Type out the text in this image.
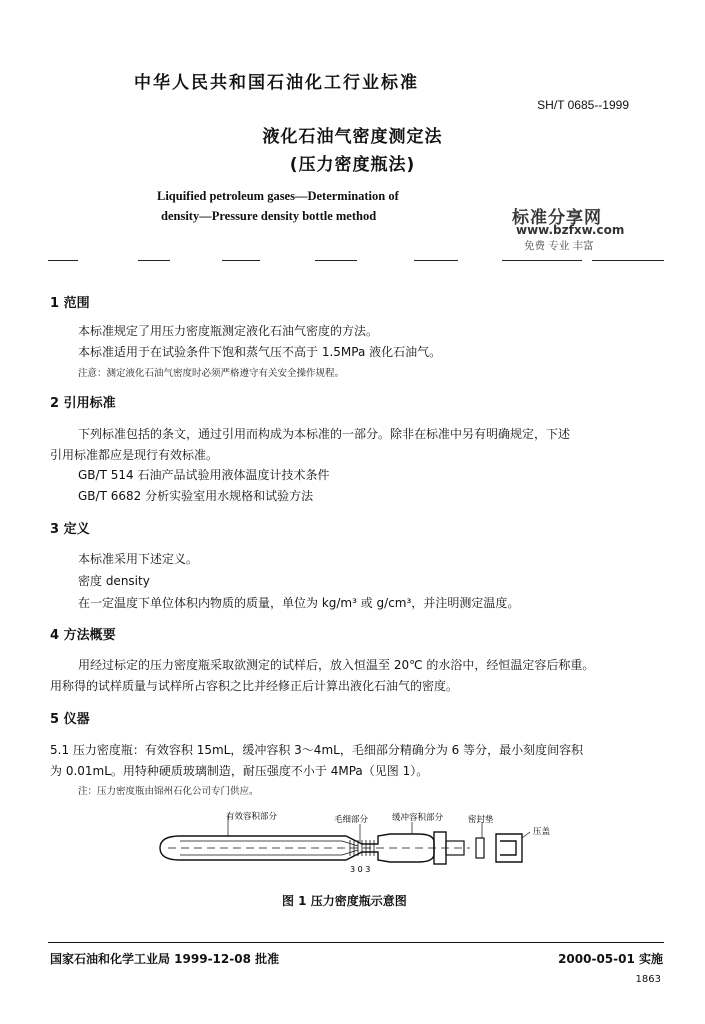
中华人民共和国石油化工行业标准
SH/T 0685--1999
液化石油气密度测定法
(压力密度瓶法)
Liquified petroleum gases—Determination of
density—Pressure density bottle method	标准分享网
www.bzfxw.com
免费 专业 丰富
1 范围
本标准规定了用压力密度瓶测定液化石油气密度的方法。
本标准适用于在试验条件下饱和蒸气压不高于 1.5MPa 液化石油气。
注意：测定液化石油气密度时必须严格遵守有关安全操作规程。
2 引用标准
下列标准包括的条文，通过引用而构成为本标准的一部分。除非在标准中另有明确规定，下述
引用标准都应是现行有效标准。
GB/T 514 石油产品试验用液体温度计技术条件
GB/T 6682 分析实验室用水规格和试验方法
3 定义
本标准采用下述定义。
密度 density
在一定温度下单位体积内物质的质量，单位为 kg/m³ 或 g/cm³，并注明测定温度。
4 方法概要
用经过标定的压力密度瓶采取欲测定的试样后，放入恒温至 20℃ 的水浴中，经恒温定容后称重。
用称得的试样质量与试样所占容积之比并经修正后计算出液化石油气的密度。
5 仪器
5.1 压力密度瓶：有效容积 15mL，缓冲容积 3～4mL，毛细部分精确分为 6 等分，最小刻度间容积
为 0.01mL。用特种硬质玻璃制造，耐压强度不小于 4MPa（见图 1）。
注：压力密度瓶由锦州石化公司专门供应。
有效容积部分	毛细部分	缓冲容积部分	密封垫
压盖
3 0 3
图 1 压力密度瓶示意图
国家石油和化学工业局 1999-12-08 批准	2000-05-01 实施
1863
